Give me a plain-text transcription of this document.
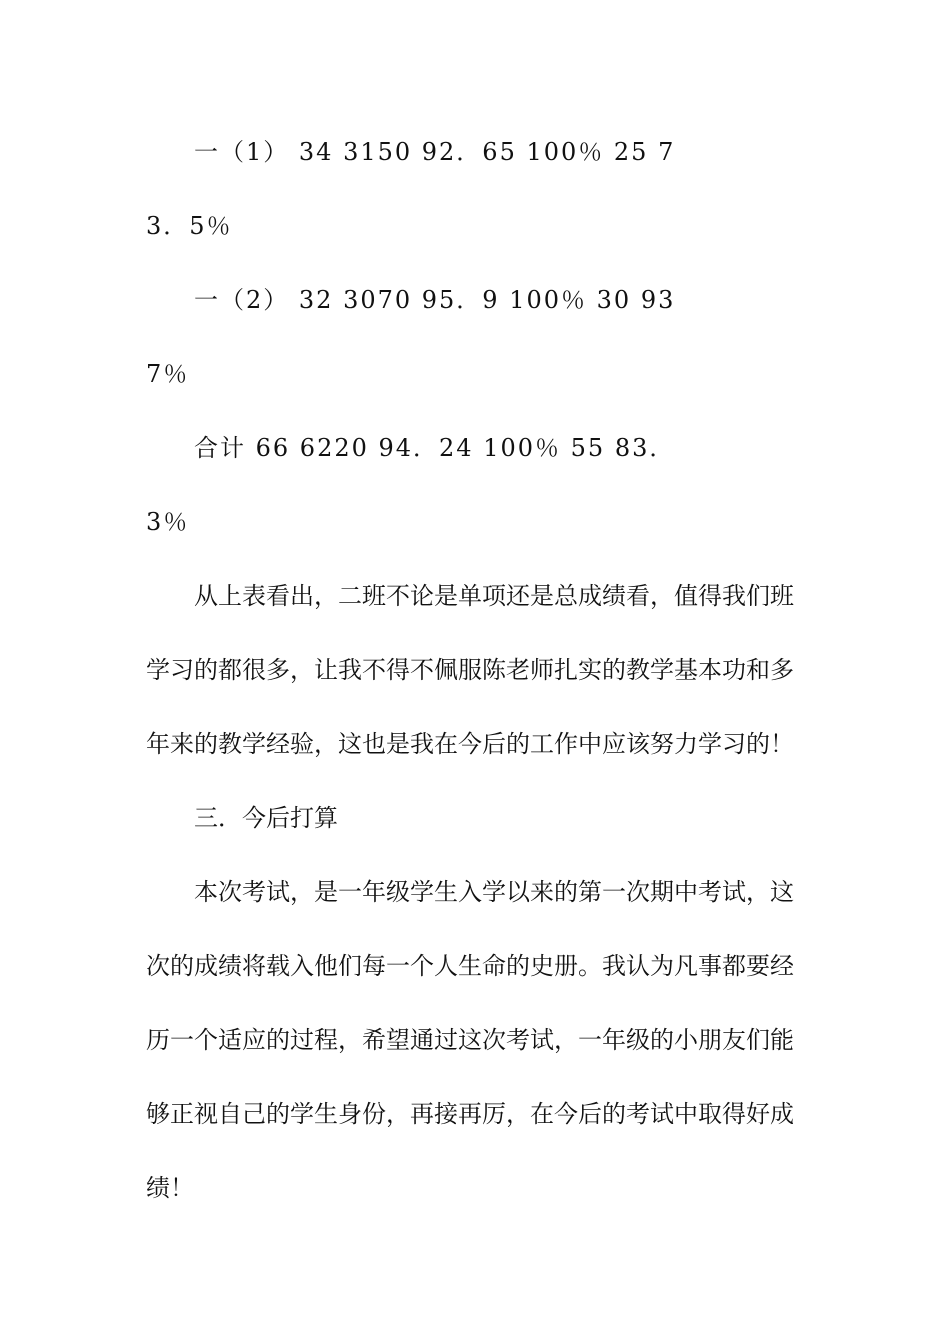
一（1） 34 3150 92．65 100％ 25 7
3．5％
一（2） 32 3070 95．9 100％ 30 93
7％
合计 66 6220 94．24 100％ 55 83．
3％
从上表看出，二班不论是单项还是总成绩看，值得我们班
学习的都很多，让我不得不佩服陈老师扎实的教学基本功和多
年来的教学经验，这也是我在今后的工作中应该努力学习的！
三．今后打算
本次考试，是一年级学生入学以来的第一次期中考试，这
次的成绩将载入他们每一个人生命的史册。我认为凡事都要经
历一个适应的过程，希望通过这次考试，一年级的小朋友们能
够正视自己的学生身份，再接再厉，在今后的考试中取得好成
绩！
